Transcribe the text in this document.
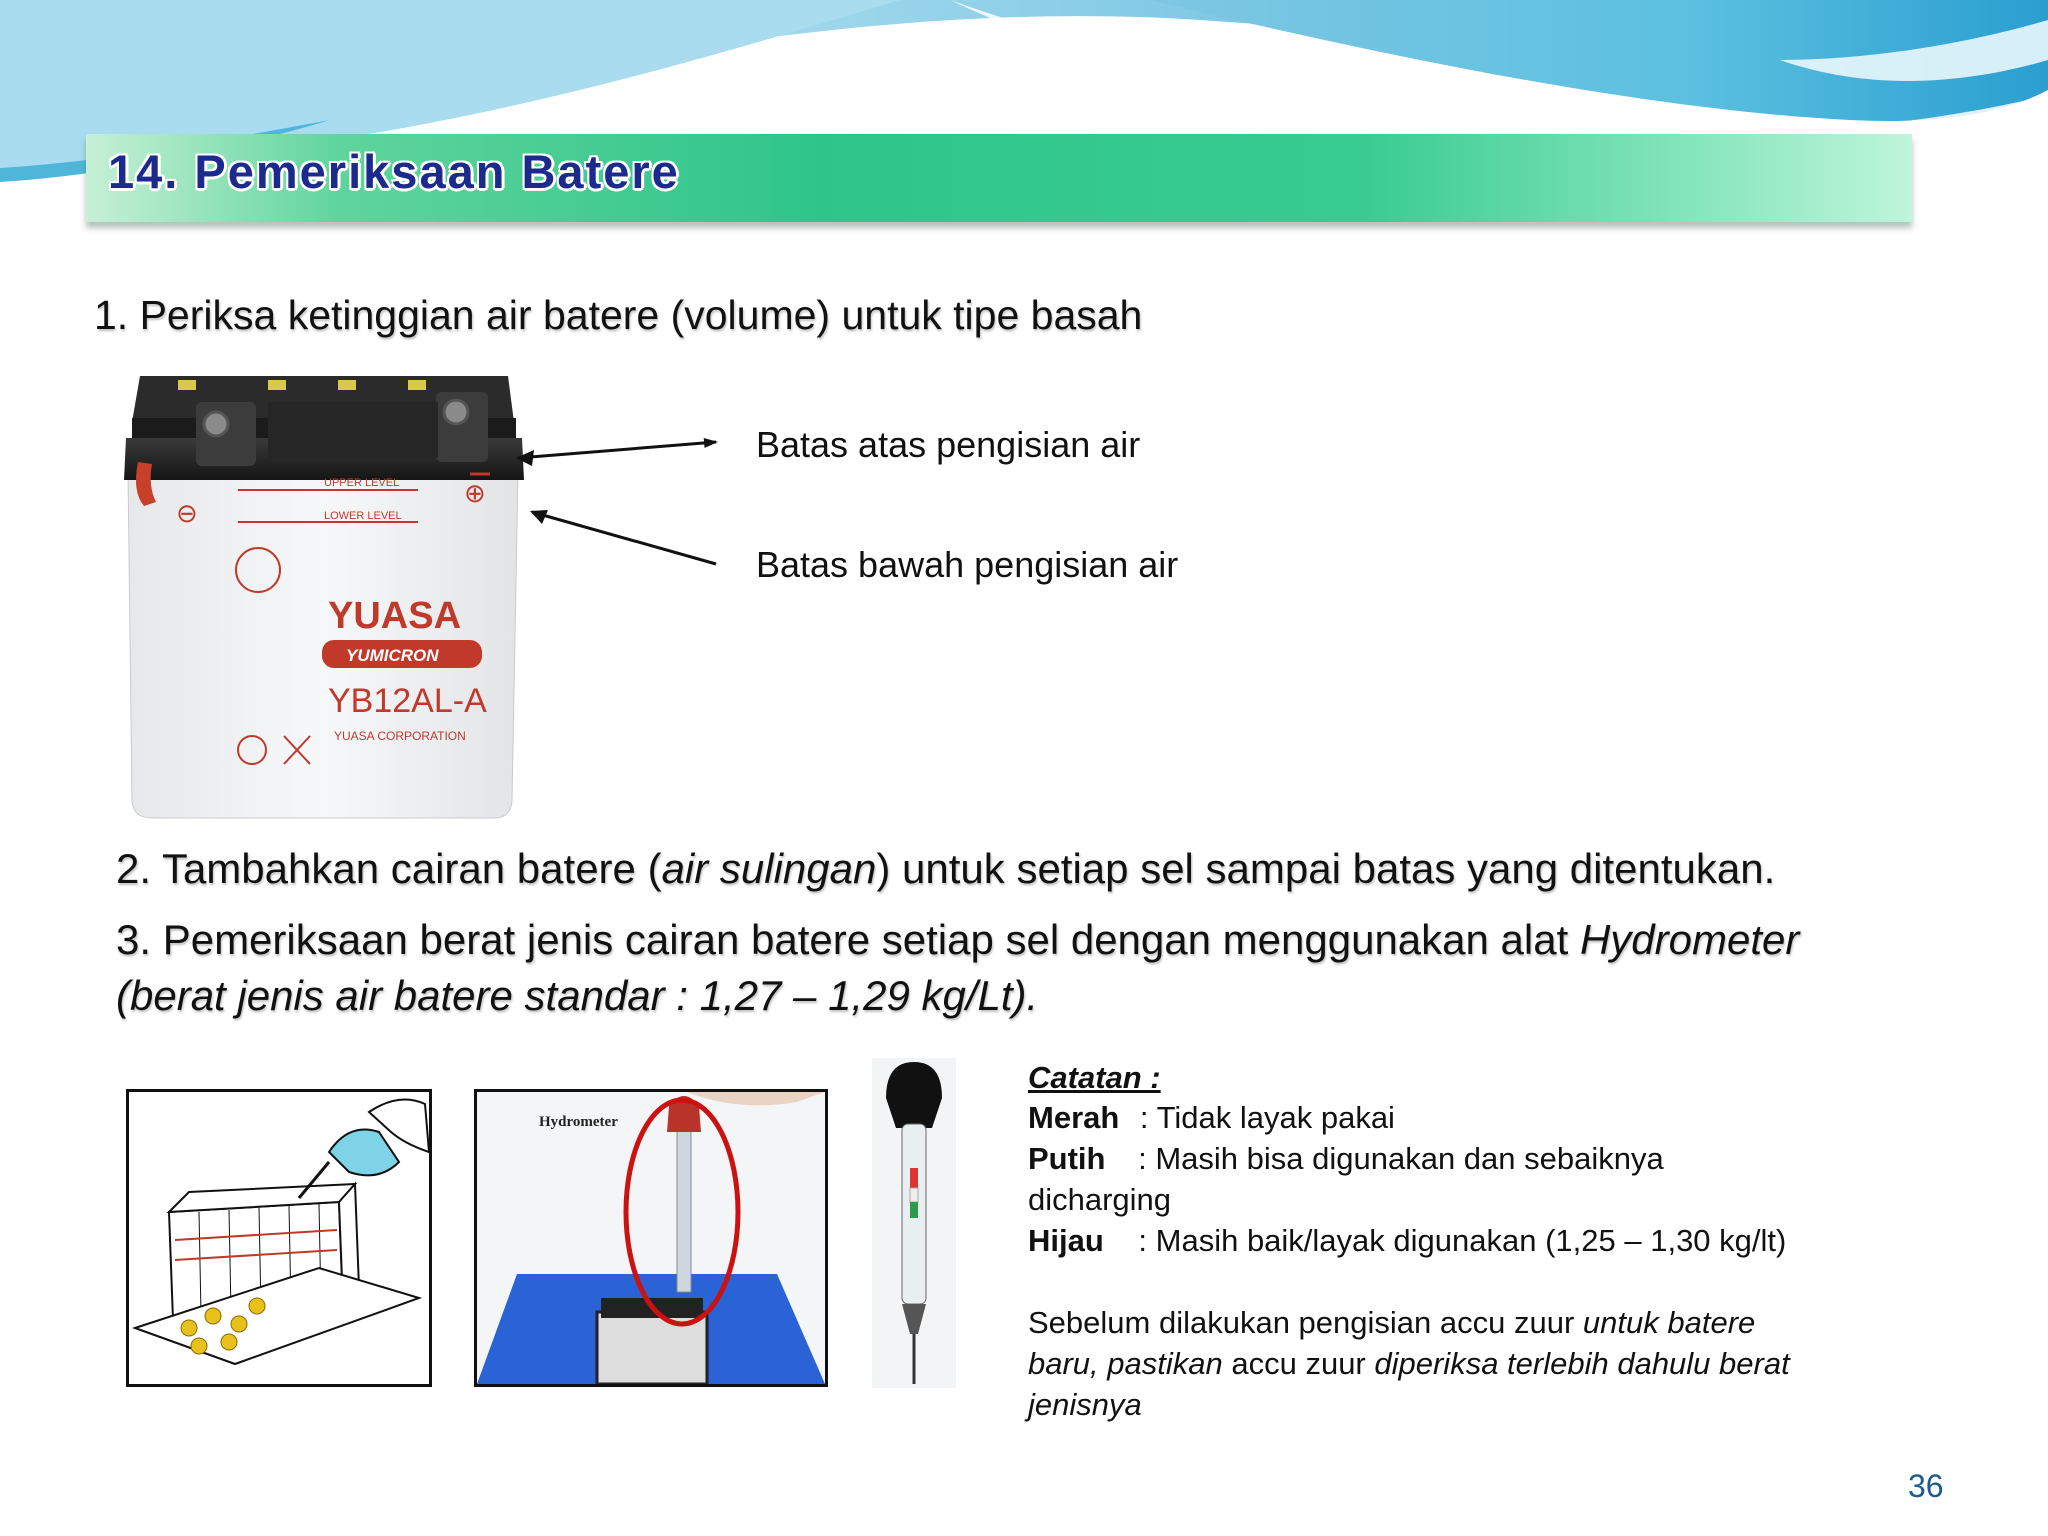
14. Pemeriksaan Batere
1. Periksa ketinggian air batere (volume) untuk tipe basah
UPPER LEVEL
LOWER LEVEL
⊖
⊕
YUASA
YUMICRON
YB12AL-A
YUASA CORPORATION
Batas atas pengisian air
Batas bawah pengisian air
2. Tambahkan cairan batere (air sulingan) untuk setiap sel sampai batas yang ditentukan.
3. Pemeriksaan berat jenis cairan batere setiap sel dengan menggunakan alat Hydrometer
(berat jenis air batere standar : 1,27 – 1,29 kg/Lt).
Hydrometer
Catatan :
Merah : Tidak layak pakai
Putih : Masih bisa digunakan dan sebaiknya
dicharging
Hijau : Masih baik/layak digunakan (1,25 – 1,30 kg/lt)
Sebelum dilakukan pengisian accu zuur untuk batere
baru, pastikan accu zuur diperiksa terlebih dahulu berat
jenisnya
36
